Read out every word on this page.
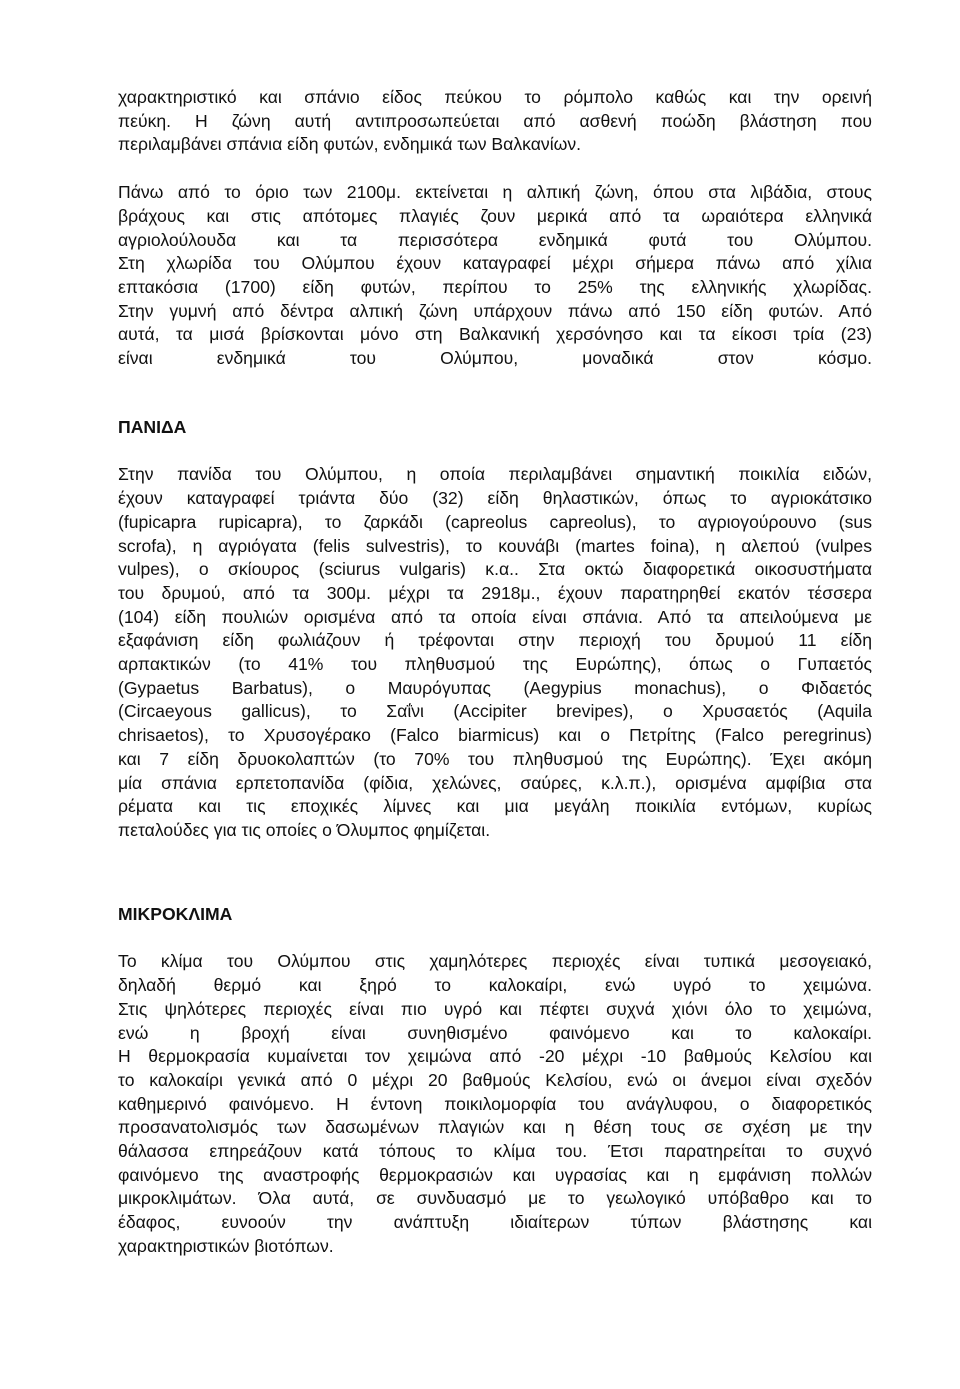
χαρακτηριστικό και σπάνιο είδος πεύκου το ρόμπολο καθώς και την ορεινή
πεύκη. Η ζώνη αυτή αντιπροσωπεύεται από ασθενή ποώδη βλάστηση που
περιλαμβάνει σπάνια είδη φυτών, ενδημικά των Βαλκανίων.

Πάνω από το όριο των 2100μ. εκτείνεται η αλπική ζώνη, όπου στα λιβάδια, στους
βράχους και στις απότομες πλαγιές ζουν μερικά από τα ωραιότερα ελληνικά
αγριολούλουδα και τα περισσότερα ενδημικά φυτά του Ολύμπου.
Στη χλωρίδα του Ολύμπου έχουν καταγραφεί μέχρι σήμερα πάνω από χίλια
επτακόσια (1700) είδη φυτών, περίπου το 25% της ελληνικής χλωρίδας.
Στην γυμνή από δέντρα αλπική ζώνη υπάρχουν πάνω από 150 είδη φυτών. Από
αυτά, τα μισά βρίσκονται μόνο στη Βαλκανική χερσόνησο και τα είκοσι τρία (23)
είναι ενδημικά του Ολύμπου, μοναδικά στον κόσμο.

ΠΑΝΙΔΑ

Στην πανίδα του Ολύμπου, η οποία περιλαμβάνει σημαντική ποικιλία ειδών,
έχουν καταγραφεί τριάντα δύο (32) είδη θηλαστικών, όπως το αγριοκάτσικο
(fupicapra rupicapra), το ζαρκάδι (capreolus capreolus), το αγριογούρουνο (sus
scrofa), η αγριόγατα (felis sulvestris), το κουνάβι (martes foina), η αλεπού (vulpes
vulpes), ο σκίουρος (sciurus vulgaris) κ.α.. Στα οκτώ διαφορετικά οικοσυστήματα
του δρυμού, από τα 300μ. μέχρι τα 2918μ., έχουν παρατηρηθεί εκατόν τέσσερα
(104) είδη πουλιών ορισμένα από τα οποία είναι σπάνια. Από τα απειλούμενα με
εξαφάνιση είδη φωλιάζουν ή τρέφονται στην περιοχή του δρυμού 11 είδη
αρπακτικών (το 41% του πληθυσμού της Ευρώπης), όπως ο Γυπαετός
(Gypaetus Barbatus), ο Μαυρόγυπας (Aegypius monachus), ο Φιδαετός
(Circaeyous gallicus), το Σαΐνι (Accipiter brevipes), ο Χρυσαετός (Aquila
chrisaetos), το Χρυσογέρακο (Falco biarmicus) και ο Πετρίτης (Falco peregrinus)
και 7 είδη δρυοκολαπτών (το 70% του πληθυσμού της Ευρώπης). Έχει ακόμη
μία σπάνια ερπετοπανίδα (φίδια, χελώνες, σαύρες, κ.λ.π.), ορισμένα αμφίβια στα
ρέματα και τις εποχικές λίμνες και μια μεγάλη ποικιλία εντόμων, κυρίως
πεταλούδες για τις οποίες ο Όλυμπος φημίζεται.

ΜΙΚΡΟΚΛΙΜΑ

Το κλίμα του Ολύμπου στις χαμηλότερες περιοχές είναι τυπικά μεσογειακό,
δηλαδή θερμό και ξηρό το καλοκαίρι, ενώ υγρό το χειμώνα.
Στις ψηλότερες περιοχές είναι πιο υγρό και πέφτει συχνά χιόνι όλο το χειμώνα,
ενώ η βροχή είναι συνηθισμένο φαινόμενο και το καλοκαίρι.
Η θερμοκρασία κυμαίνεται τον χειμώνα από -20 μέχρι -10 βαθμούς Κελσίου και
το καλοκαίρι γενικά από 0 μέχρι 20 βαθμούς Κελσίου, ενώ οι άνεμοι είναι σχεδόν
καθημερινό φαινόμενο. Η έντονη ποικιλομορφία του ανάγλυφου, ο διαφορετικός
προσανατολισμός των δασωμένων πλαγιών και η θέση τους σε σχέση με την
θάλασσα επηρεάζουν κατά τόπους το κλίμα του. Έτσι παρατηρείται το συχνό
φαινόμενο της αναστροφής θερμοκρασιών και υγρασίας και η εμφάνιση πολλών
μικροκλιμάτων. Όλα αυτά, σε συνδυασμό με το γεωλογικό υπόβαθρο και το
έδαφος, ευνοούν την ανάπτυξη ιδιαίτερων τύπων βλάστησης και
χαρακτηριστικών βιοτόπων.
